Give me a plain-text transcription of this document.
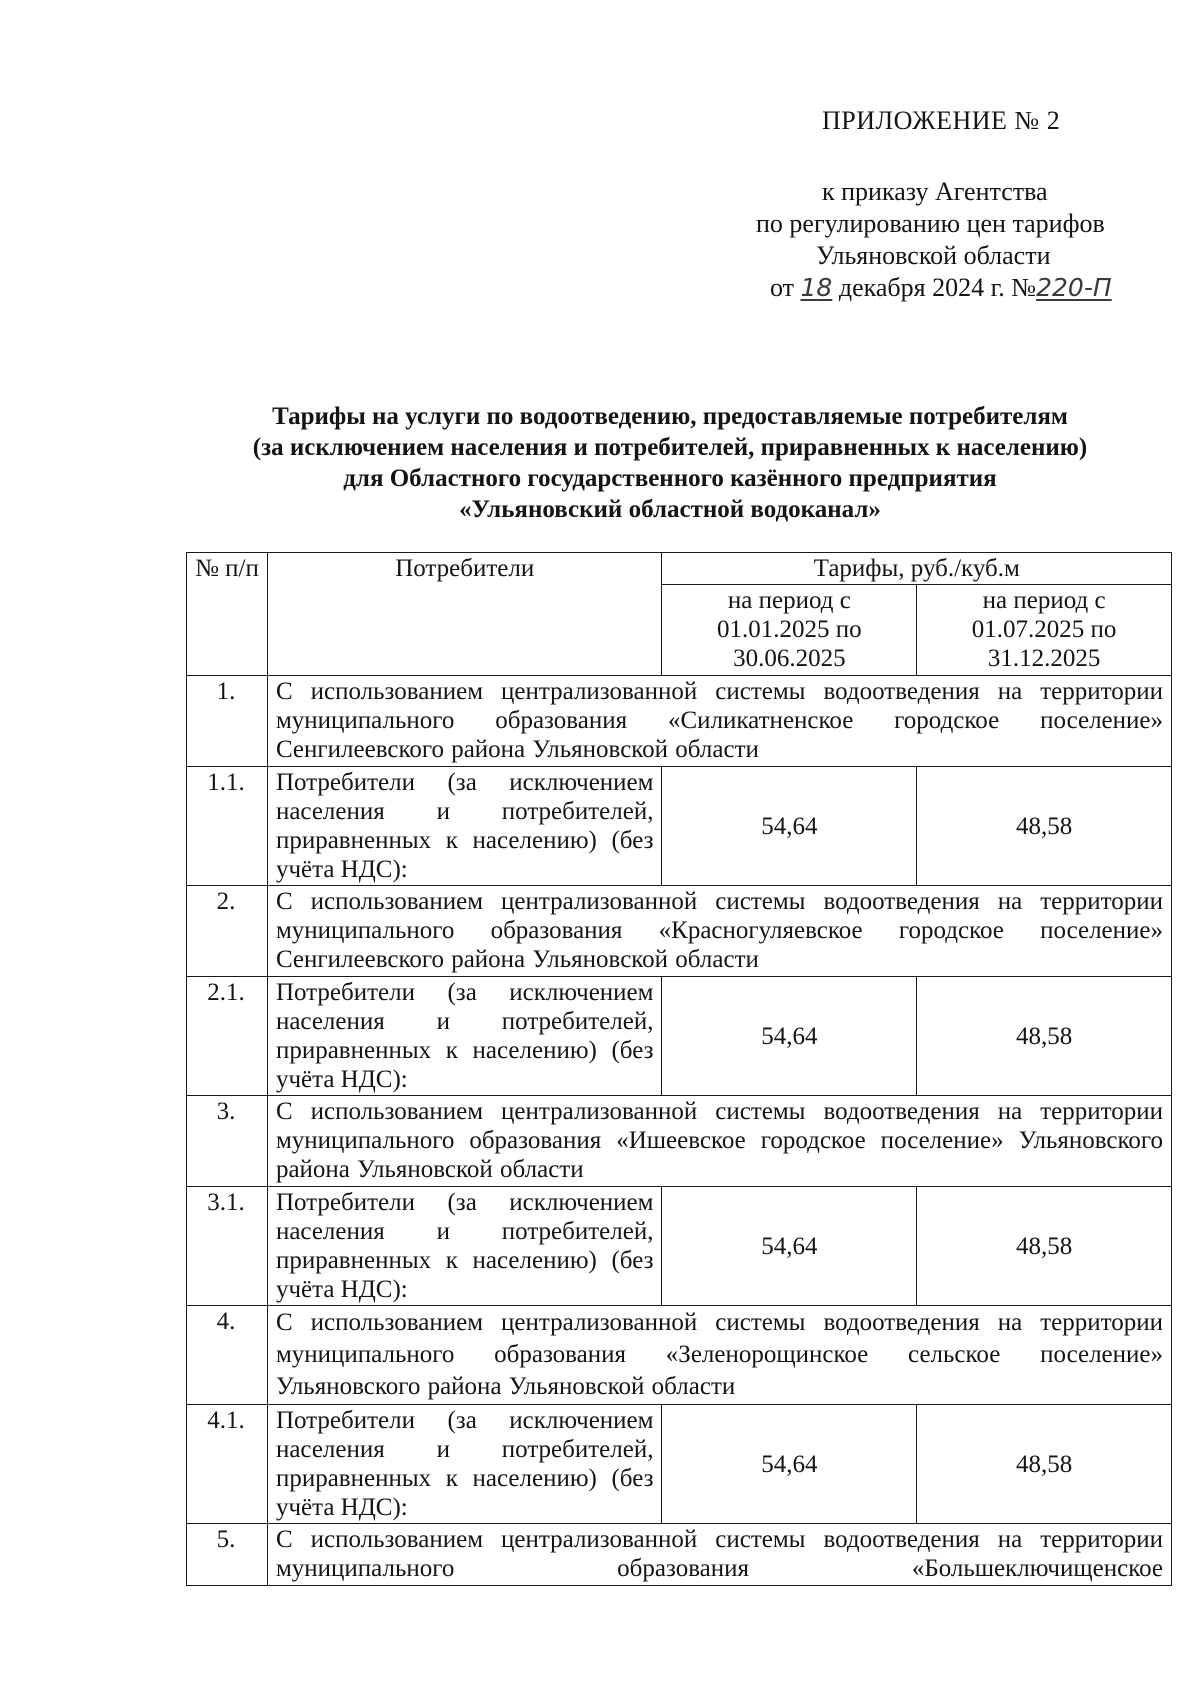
ПРИЛОЖЕНИЕ № 2
к приказу Агентства
по регулированию цен тарифов
Ульяновской области
от 18 декабря 2024 г. №220-П
Тарифы на услуги по водоотведению, предоставляемые потребителям
(за исключением населения и потребителей, приравненных к населению)
для Областного государственного казённого предприятия
«Ульяновский областной водоканал»
№ п/п	Потребители	Тарифы, руб./куб.м	
		на период с 01.01.2025 по 30.06.2025	на период с 01.07.2025 по 31.12.2025
1.	С использованием централизованной системы водоотведения на территории муниципального образования «Силикатненское городское поселение» Сенгилеевского района Ульяновской области		
1.1.	Потребители (за исключением населения и потребителей, приравненных к населению) (без учёта НДС):	54,64	48,58
2.	С использованием централизованной системы водоотведения на территории муниципального образования «Красногуляевское городское поселение» Сенгилеевского района Ульяновской области		
2.1.	Потребители (за исключением населения и потребителей, приравненных к населению) (без учёта НДС):	54,64	48,58
3.	С использованием централизованной системы водоотведения на территории муниципального образования «Ишеевское городское поселение» Ульяновского района Ульяновской области		
3.1.	Потребители (за исключением населения и потребителей, приравненных к населению) (без учёта НДС):	54,64	48,58
4.	С использованием централизованной системы водоотведения на территории муниципального образования «Зеленорощинское сельское поселение» Ульяновского района Ульяновской области		
4.1.	Потребители (за исключением населения и потребителей, приравненных к населению) (без учёта НДС):	54,64	48,58
5.	С использованием централизованной системы водоотведения на территории муниципального образования «Большеключищенское		
